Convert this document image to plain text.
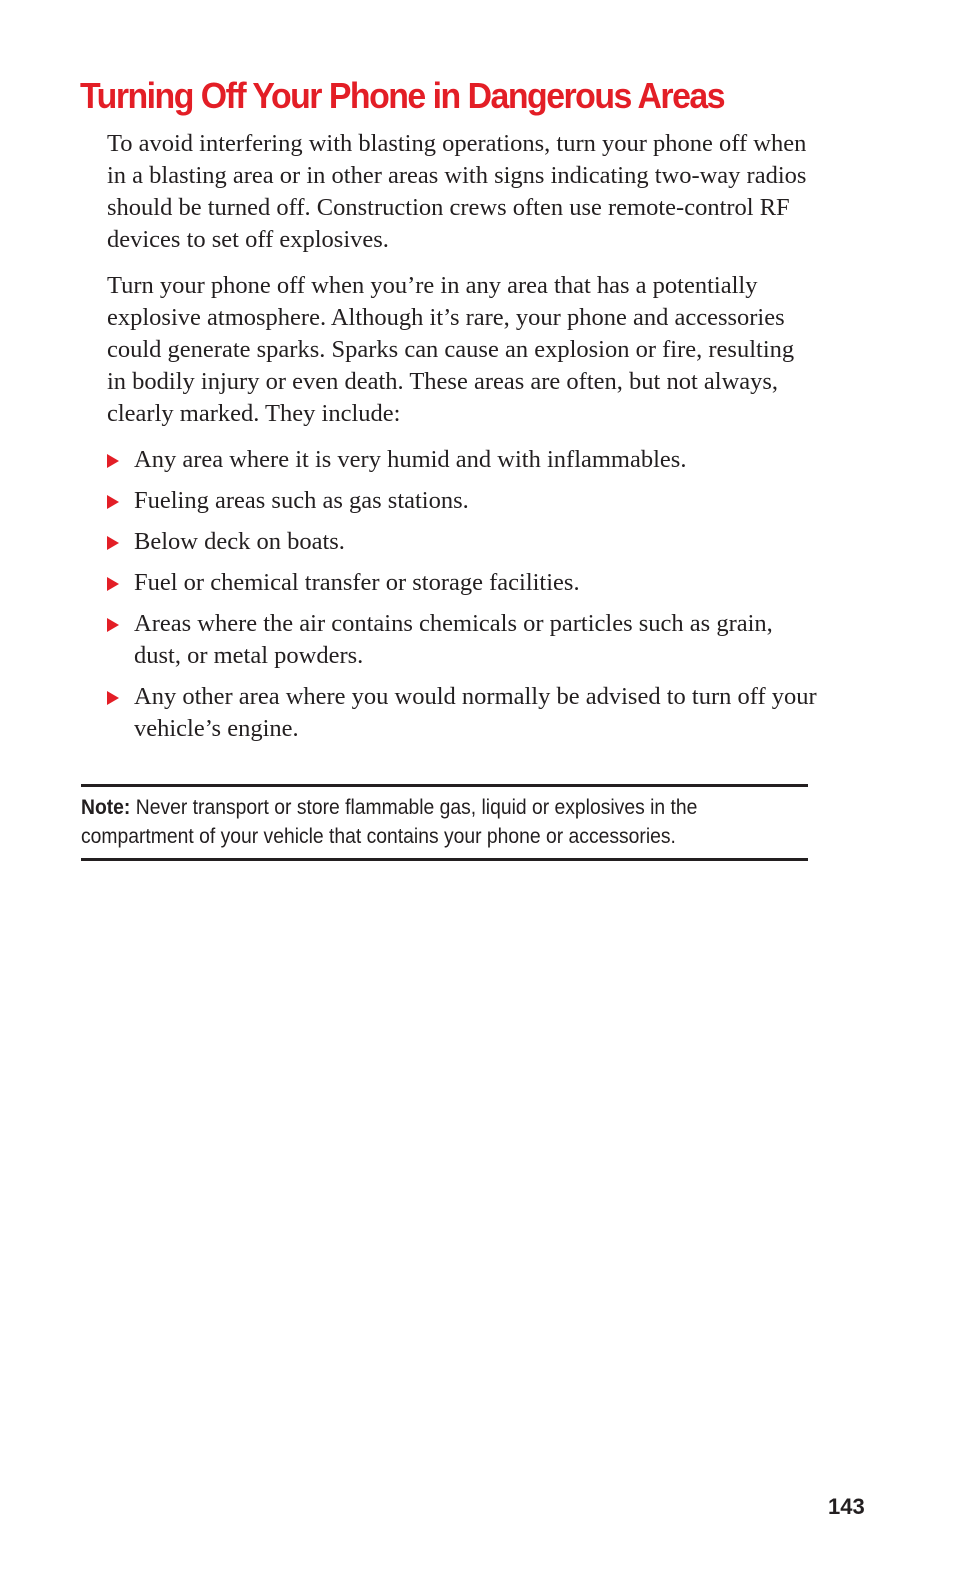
Turning Off Your Phone in Dangerous Areas

To avoid interfering with blasting operations, turn your phone off when in a blasting area or in other areas with signs indicating two-way radios should be turned off. Construction crews often use remote-control RF devices to set off explosives.

Turn your phone off when you’re in any area that has a potentially explosive atmosphere. Although it’s rare, your phone and accessories could generate sparks. Sparks can cause an explosion or fire, resulting in bodily injury or even death. These areas are often, but not always, clearly marked. They include:

Any area where it is very humid and with inflammables.
Fueling areas such as gas stations.
Below deck on boats.
Fuel or chemical transfer or storage facilities.
Areas where the air contains chemicals or particles such as grain, dust, or metal powders.
Any other area where you would normally be advised to turn off your vehicle’s engine.
Note: Never transport or store flammable gas, liquid or explosives in the compartment of your vehicle that contains your phone or accessories.
143
